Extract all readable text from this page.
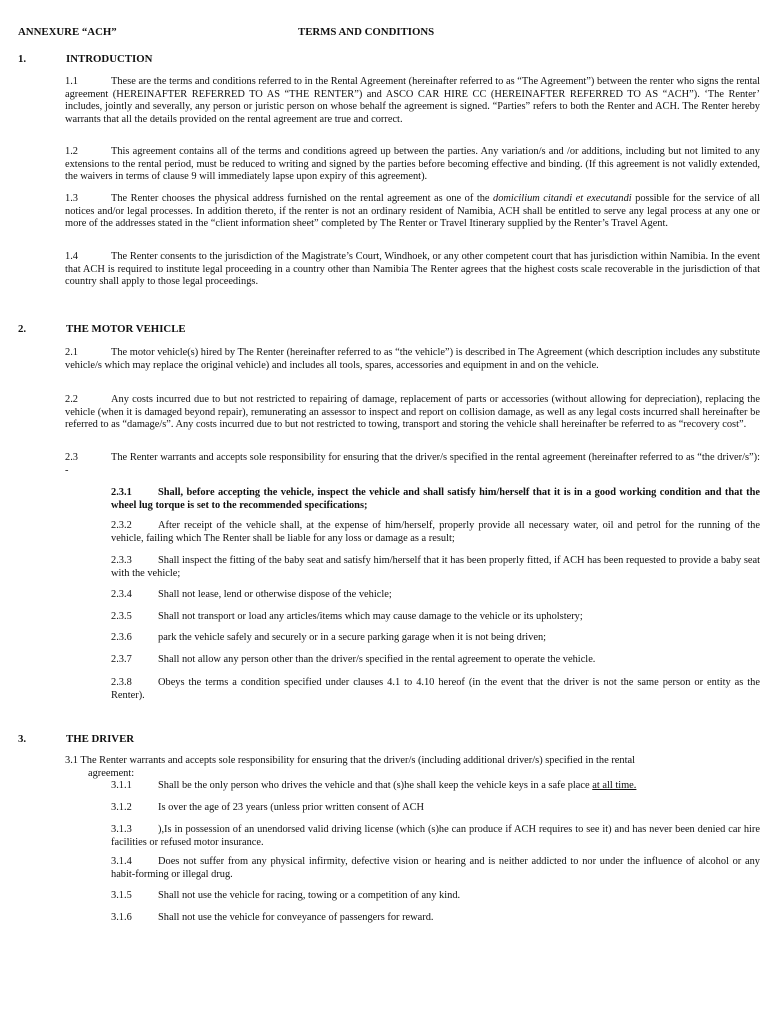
ANNEXURE “ACH”	TERMS AND CONDITIONS
1.	INTRODUCTION

1.1	These are the terms and conditions referred to in the Rental Agreement (hereinafter referred to as “The Agreement”) between the renter who signs the rental agreement (HEREINAFTER REFERRED TO AS “THE RENTER”) and ASCO CAR HIRE CC (HEREINAFTER REFERRED TO AS “ACH”). ‘The Renter’ includes, jointly and severally, any person or juristic person on whose behalf the agreement is signed. “Parties” refers to both the Renter and ACH. The Renter hereby warrants that all the details provided on the rental agreement are true and correct.

1.2	This agreement contains all of the terms and conditions agreed up between the parties. Any variation/s and /or additions, including but not limited to any extensions to the rental period, must be reduced to writing and signed by the parties before becoming effective and binding. (If this agreement is not validly extended, the waivers in terms of clause 9 will immediately lapse upon expiry of this agreement).

1.3	The Renter chooses the physical address furnished on the rental agreement as one of the domicilium citandi et executandi possible for the service of all notices and/or legal processes. In addition thereto, if the renter is not an ordinary resident of Namibia, ACH shall be entitled to serve any legal process at any one or more of the addresses stated in the “client information sheet” completed by The Renter or Travel Itinerary supplied by the Renter’s Travel Agent.

1.4	The Renter consents to the jurisdiction of the Magistrate’s Court, Windhoek, or any other competent court that has jurisdiction within Namibia. In the event that ACH is required to institute legal proceeding in a country other than Namibia The Renter agrees that the highest costs scale recoverable in the jurisdiction of that country shall apply to those legal proceedings.

2.	THE MOTOR VEHICLE

2.1	The motor vehicle(s) hired by The Renter (hereinafter referred to as “the vehicle”) is described in The Agreement (which description includes any substitute vehicle/s which may replace the original vehicle) and includes all tools, spares, accessories and equipment in and on the vehicle.

2.2	Any costs incurred due to but not restricted to repairing of damage, replacement of parts or accessories (without allowing for depreciation), replacing the vehicle (when it is damaged beyond repair), remunerating an assessor to inspect and report on collision damage, as well as any legal costs incurred shall hereinafter be referred to as “damage/s”. Any costs incurred due to but not restricted to towing, transport and storing the vehicle shall hereinafter be referred to as “recovery cost”.

2.3	The Renter warrants and accepts sole responsibility for ensuring that the driver/s specified in the rental agreement (hereinafter referred to as “the driver/s”): -

2.3.1	Shall, before accepting the vehicle, inspect the vehicle and shall satisfy him/herself that it is in a good working condition and that the wheel lug torque is set to the recommended specifications;

2.3.2	After receipt of the vehicle shall, at the expense of him/herself, properly provide all necessary water, oil and petrol for the running of the vehicle, failing which The Renter shall be liable for any loss or damage as a result;

2.3.3	Shall inspect the fitting of the baby seat and satisfy him/herself that it has been properly fitted, if ACH has been requested to provide a baby seat with the vehicle;

2.3.4	Shall not lease, lend or otherwise dispose of the vehicle;

2.3.5	Shall not transport or load any articles/items which may cause damage to the vehicle or its upholstery;

2.3.6	park the vehicle safely and securely or in a secure parking garage when it is not being driven;

2.3.7	Shall not allow any person other than the driver/s specified in the rental agreement to operate the vehicle.

2.3.8	Obeys the terms a condition specified under clauses 4.1 to 4.10 hereof (in the event that the driver is not the same person or entity as the Renter).

3.	THE DRIVER

3.1 The Renter warrants and accepts sole responsibility for ensuring that the driver/s (including additional driver/s) specified in the rental
agreement:

3.1.1	Shall be the only person who drives the vehicle and that (s)he shall keep the vehicle keys in a safe place at all time.

3.1.2	Is over the age of 23 years (unless prior written consent of ACH

3.1.3	),Is in possession of an unendorsed valid driving license (which (s)he can produce if ACH requires to see it) and has never been denied car hire facilities or refused motor insurance.

3.1.4	Does not suffer from any physical infirmity, defective vision or hearing and is neither addicted to nor under the influence of alcohol or any habit-forming or illegal drug.

3.1.5	Shall not use the vehicle for racing, towing or a competition of any kind.

3.1.6	Shall not use the vehicle for conveyance of passengers for reward.
